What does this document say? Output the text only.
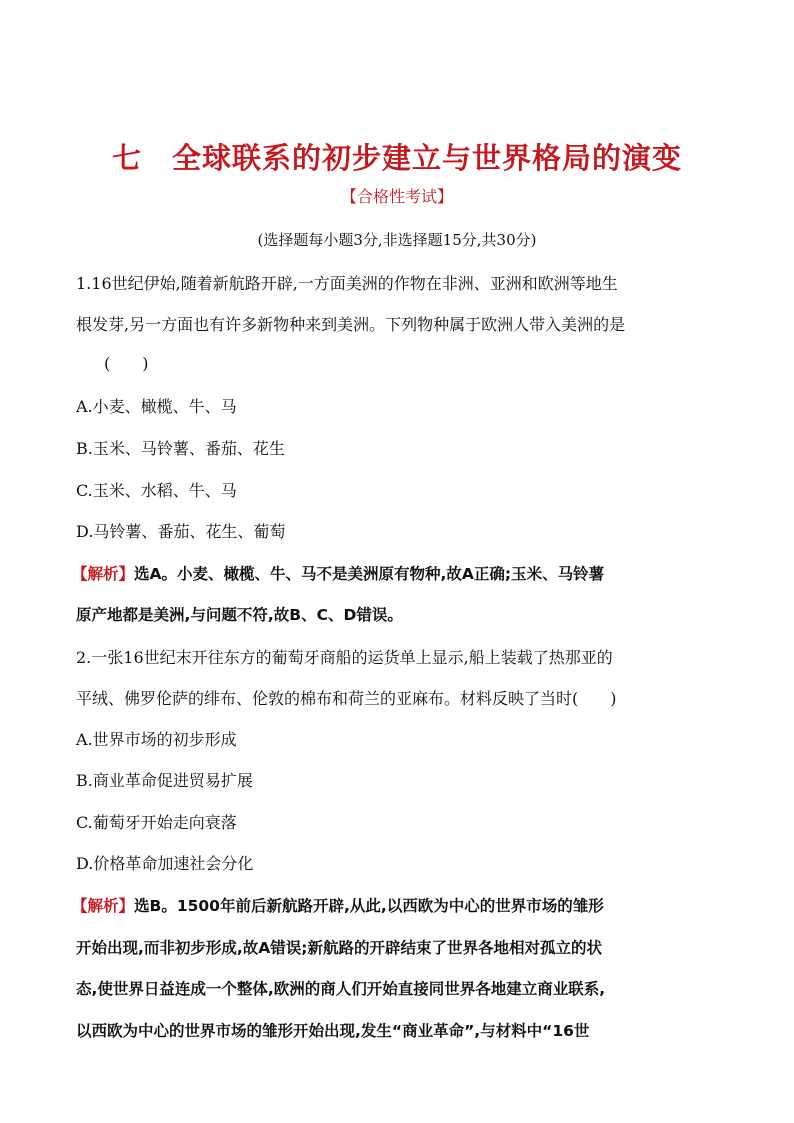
七　全球联系的初步建立与世界格局的演变
【合格性考试】
(选择题每小题3分,非选择题15分,共30分)
1.16世纪伊始,随着新航路开辟,一方面美洲的作物在非洲、亚洲和欧洲等地生
根发芽,另一方面也有许多新物种来到美洲。下列物种属于欧洲人带入美洲的是
(　　)
A.小麦、橄榄、牛、马
B.玉米、马铃薯、番茄、花生
C.玉米、水稻、牛、马
D.马铃薯、番茄、花生、葡萄
【解析】选A。小麦、橄榄、牛、马不是美洲原有物种,故A正确;玉米、马铃薯
原产地都是美洲,与问题不符,故B、C、D错误。
2.一张16世纪末开往东方的葡萄牙商船的运货单上显示,船上装载了热那亚的
平绒、佛罗伦萨的绯布、伦敦的棉布和荷兰的亚麻布。材料反映了当时(　　)
A.世界市场的初步形成
B.商业革命促进贸易扩展
C.葡萄牙开始走向衰落
D.价格革命加速社会分化
【解析】选B。1500年前后新航路开辟,从此,以西欧为中心的世界市场的雏形
开始出现,而非初步形成,故A错误;新航路的开辟结束了世界各地相对孤立的状
态,使世界日益连成一个整体,欧洲的商人们开始直接同世界各地建立商业联系,
以西欧为中心的世界市场的雏形开始出现,发生“商业革命”,与材料中“16世
